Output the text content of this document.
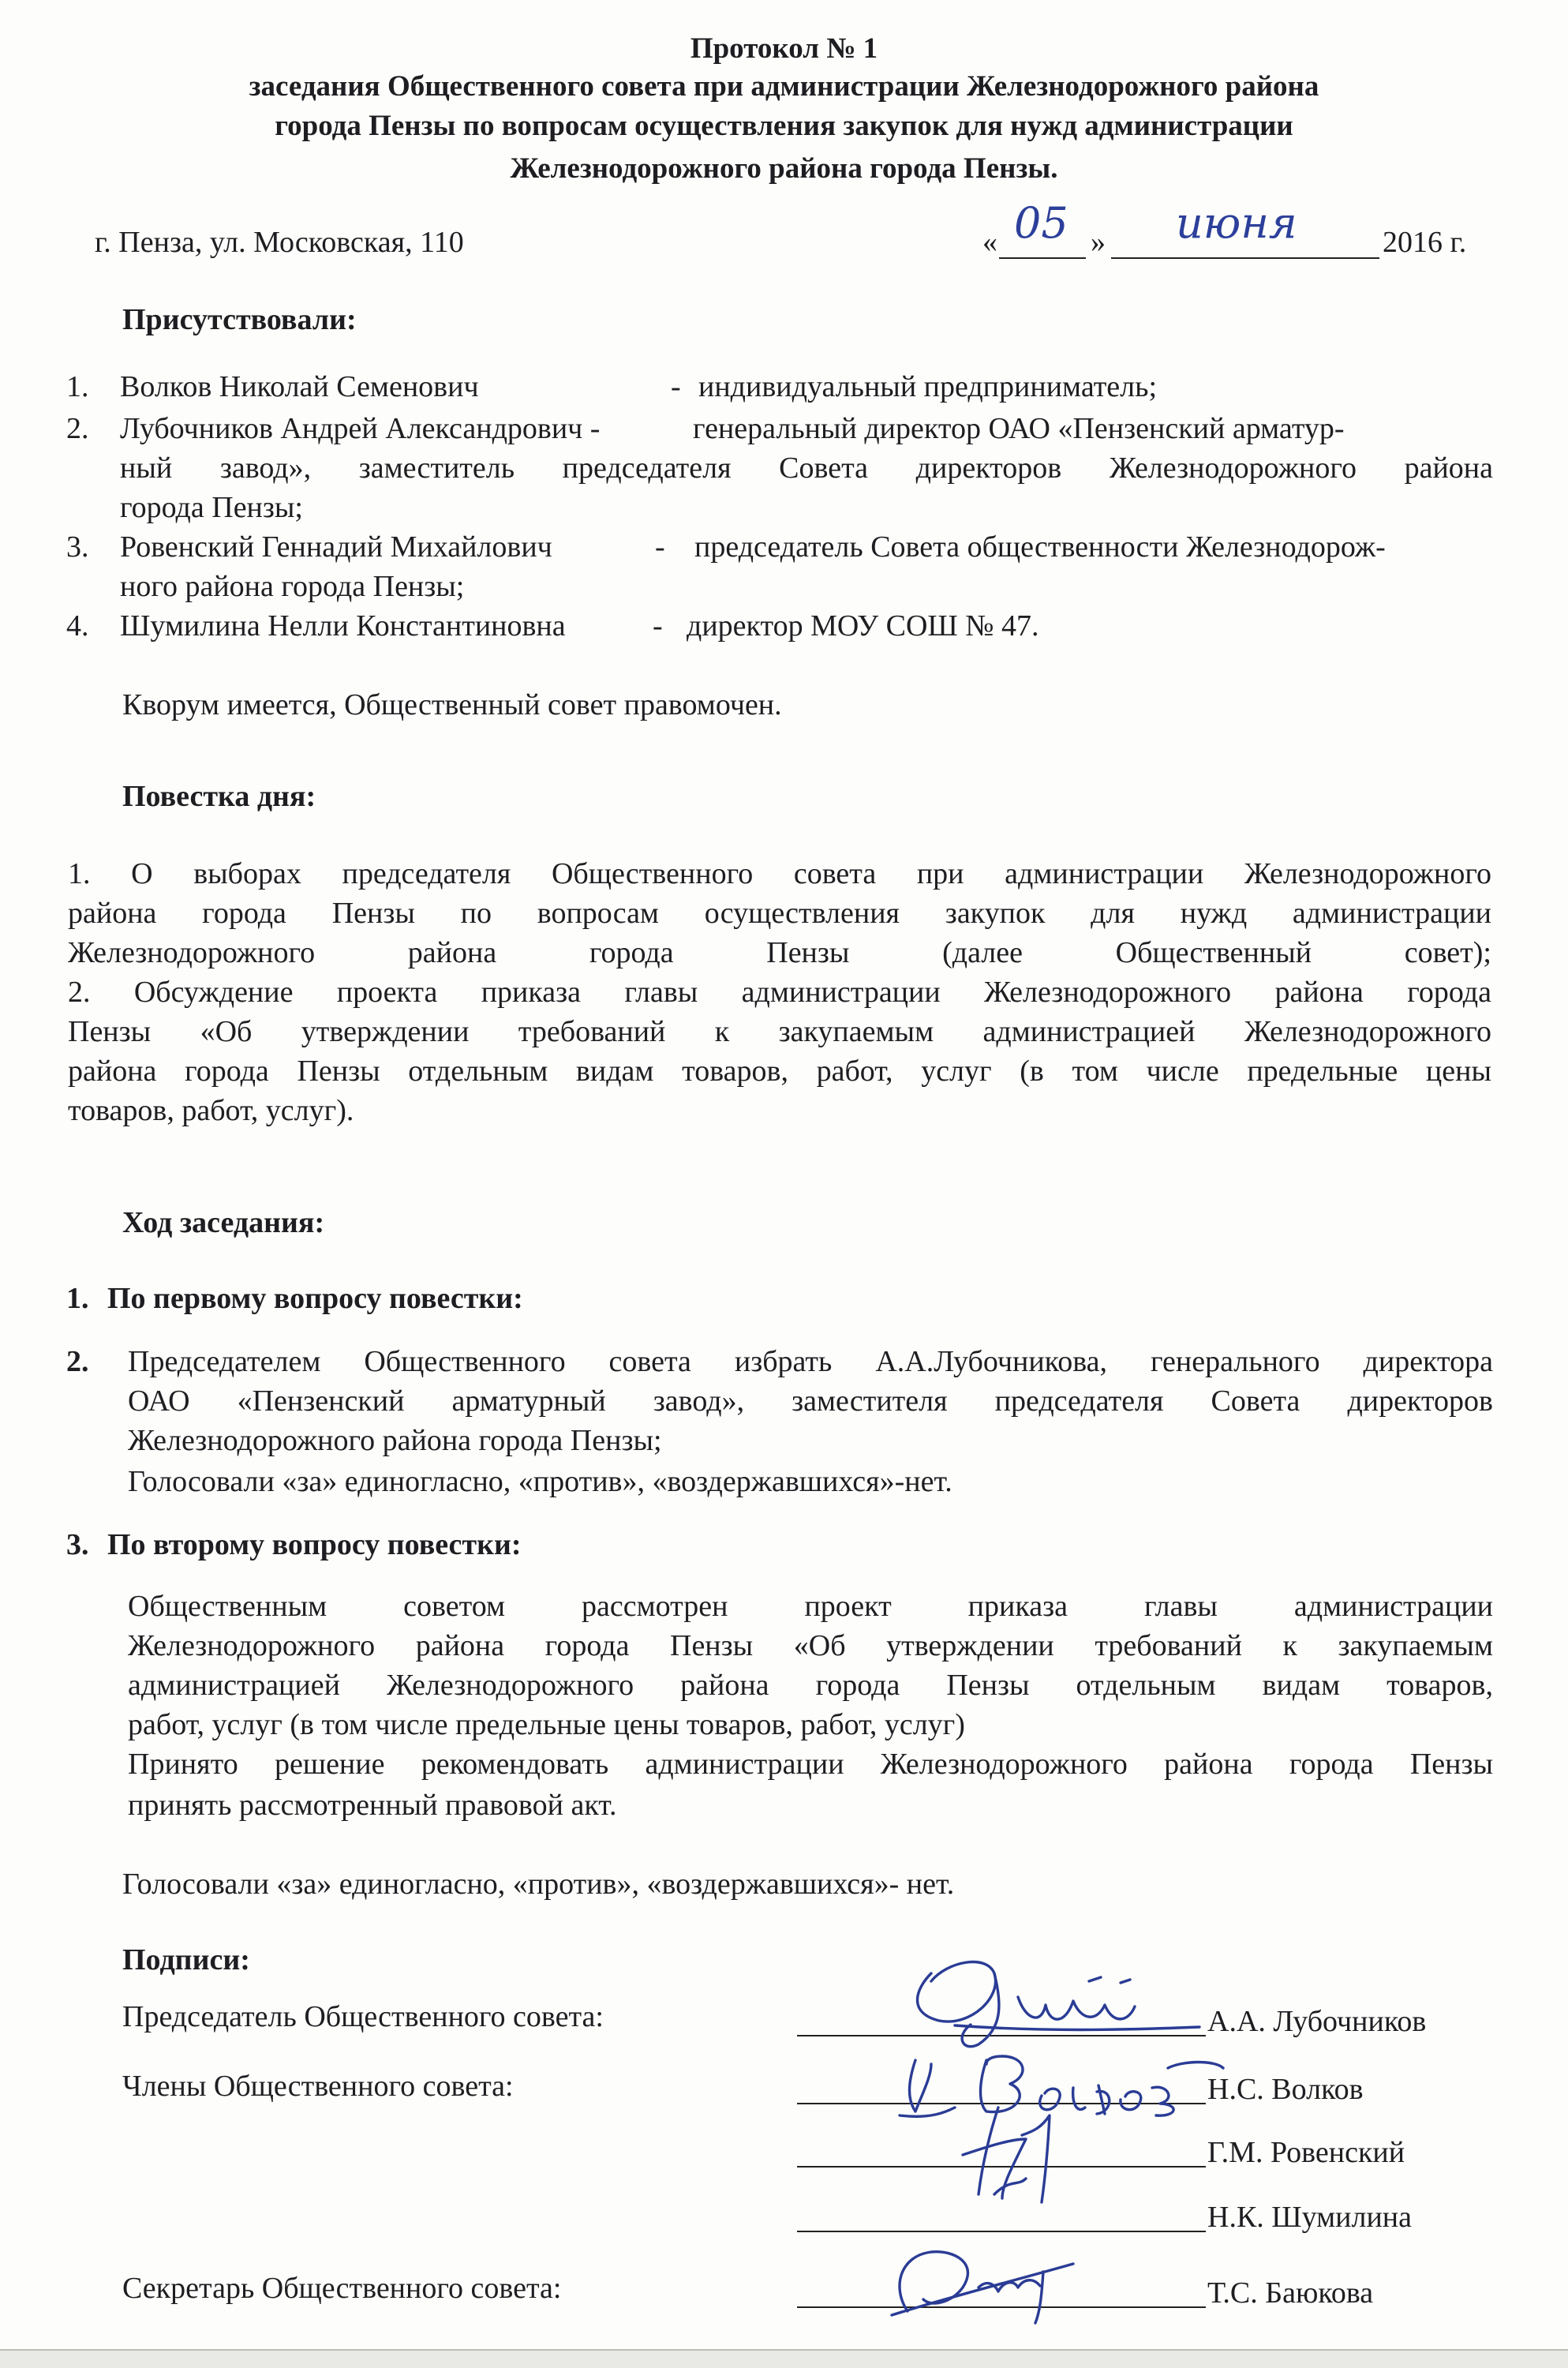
Протокол № 1
заседания Общественного совета при администрации Железнодорожного района
города Пензы по вопросам осуществления закупок для нужд администрации
Железнодорожного района города Пензы.
г. Пенза, ул. Московская, 110	« 05 » июня	2016 г.
Присутствовали:
1. Волков Николай Семенович	- индивидуальный предприниматель;
2. Лубочников Андрей Александрович -	генеральный директор ОАО «Пензенский арматур-
ный завод», заместитель председателя Совета директоров Железнодорожного района
города Пензы;
3. Ровенский Геннадий Михайлович	- председатель Совета общественности Железнодорож-
ного района города Пензы;
4. Шумилина Нелли Константиновна	- директор МОУ СОШ № 47.
Кворум имеется, Общественный совет правомочен.
Повестка дня:
1. О выборах председателя Общественного совета при администрации Железнодорожного
района города Пензы по вопросам осуществления закупок для нужд администрации
Железнодорожного района города Пензы (далее Общественный совет);
2. Обсуждение проекта приказа главы администрации Железнодорожного района города
Пензы «Об утверждении требований к закупаемым администрацией Железнодорожного
района города Пензы отдельным видам товаров, работ, услуг (в том числе предельные цены
товаров, работ, услуг).
Ход заседания:
1. По первому вопросу повестки:
2. Председателем Общественного совета избрать А.А.Лубочникова, генерального директора
ОАО «Пензенский арматурный завод», заместителя председателя Совета директоров
Железнодорожного района города Пензы;
Голосовали «за» единогласно, «против», «воздержавшихся»-нет.
3. По второму вопросу повестки:
Общественным советом рассмотрен проект приказа главы администрации
Железнодорожного района города Пензы «Об утверждении требований к закупаемым
администрацией Железнодорожного района города Пензы отдельным видам товаров,
работ, услуг (в том числе предельные цены товаров, работ, услуг)
Принято решение рекомендовать администрации Железнодорожного района города Пензы
принять рассмотренный правовой акт.
Голосовали «за» единогласно, «против», «воздержавшихся»- нет.
Подписи:
Председатель Общественного совета:	А.А. Лубочников
Члены Общественного совета:	Н.С. Волков
Г.М. Ровенский
Н.К. Шумилина
Секретарь Общественного совета:	Т.С. Баюкова
